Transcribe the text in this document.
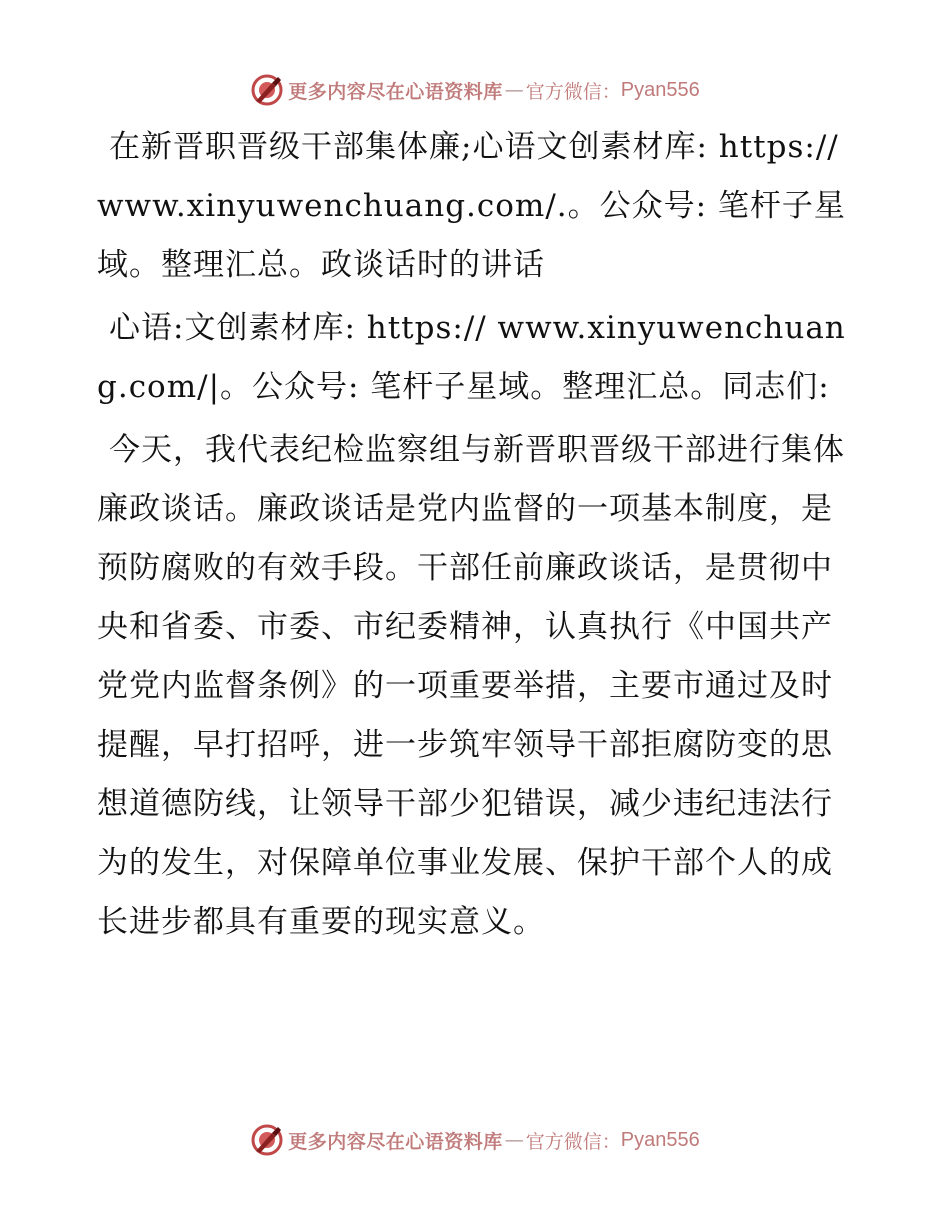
更多内容尽在心语资料库 — 官方微信： Pyan556

在新晋职晋级干部集体廉;心语文创素材库: https://www.xinyuwenchuang.com/.。公众号: 笔杆子星域。整理汇总。政谈话时的讲话

心语:文创素材库: https:// www.xinyuwenchuang.com/|。公众号: 笔杆子星域。整理汇总。同志们:

今天，我代表纪检监察组与新晋职晋级干部进行集体廉政谈话。廉政谈话是党内监督的一项基本制度，是预防腐败的有效手段。干部任前廉政谈话，是贯彻中央和省委、市委、市纪委精神，认真执行《中国共产党党内监督条例》的一项重要举措，主要市通过及时提醒，早打招呼，进一步筑牢领导干部拒腐防变的思想道德防线，让领导干部少犯错误，减少违纪违法行为的发生，对保障单位事业发展、保护干部个人的成长进步都具有重要的现实意义。

更多内容尽在心语资料库 — 官方微信： Pyan556
